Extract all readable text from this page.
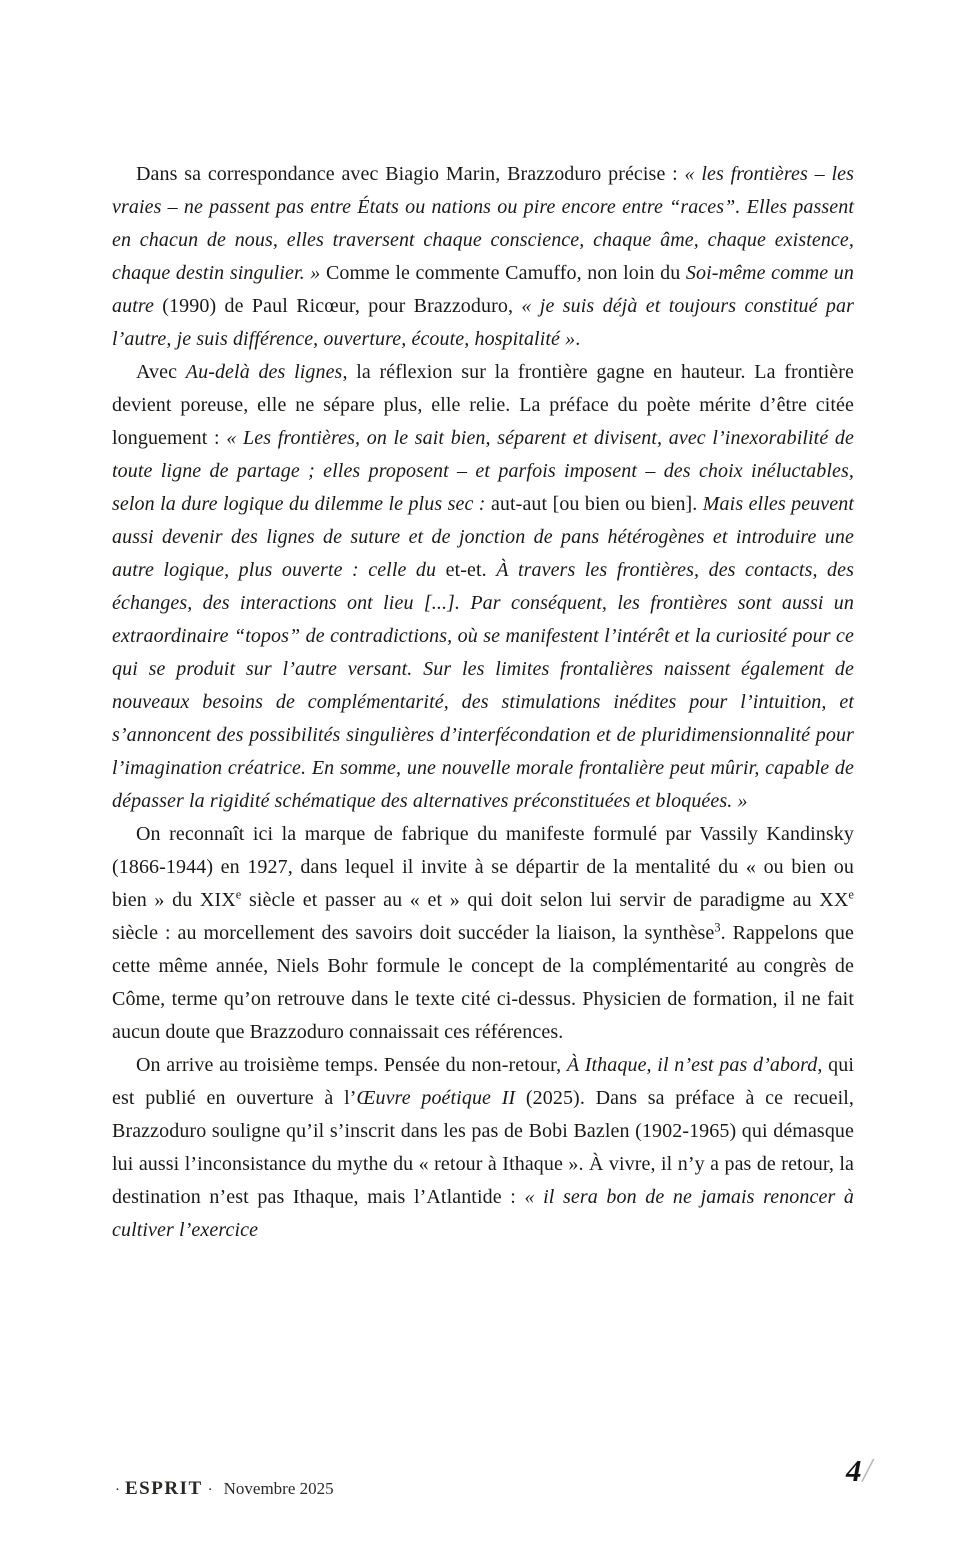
Dans sa correspondance avec Biagio Marin, Brazzoduro précise : « les frontières – les vraies – ne passent pas entre États ou nations ou pire encore entre “races”. Elles passent en chacun de nous, elles traversent chaque conscience, chaque âme, chaque existence, chaque destin singulier. » Comme le commente Camuffo, non loin du Soi-même comme un autre (1990) de Paul Ricœur, pour Brazzoduro, « je suis déjà et toujours constitué par l’autre, je suis différence, ouverture, écoute, hospitalité ».

Avec Au-delà des lignes, la réflexion sur la frontière gagne en hauteur. La frontière devient poreuse, elle ne sépare plus, elle relie. La préface du poète mérite d’être citée longuement : « Les frontières, on le sait bien, séparent et divisent, avec l’inexorabilité de toute ligne de partage ; elles proposent – et parfois imposent – des choix inéluctables, selon la dure logique du dilemme le plus sec : aut-aut [ou bien ou bien]. Mais elles peuvent aussi devenir des lignes de suture et de jonction de pans hétérogènes et introduire une autre logique, plus ouverte : celle du et-et. À travers les frontières, des contacts, des échanges, des interactions ont lieu [...]. Par conséquent, les frontières sont aussi un extraordinaire “topos” de contradictions, où se manifestent l’intérêt et la curiosité pour ce qui se produit sur l’autre versant. Sur les limites frontalières naissent également de nouveaux besoins de complémentarité, des stimulations inédites pour l’intuition, et s’annoncent des possibilités singulières d’interfécondation et de pluridimensionnalité pour l’imagination créatrice. En somme, une nouvelle morale frontalière peut mûrir, capable de dépasser la rigidité schématique des alternatives préconstituées et bloquées. »

On reconnaît ici la marque de fabrique du manifeste formulé par Vassily Kandinsky (1866-1944) en 1927, dans lequel il invite à se départir de la mentalité du « ou bien ou bien » du XIXe siècle et passer au « et » qui doit selon lui servir de paradigme au XXe siècle : au morcellement des savoirs doit succéder la liaison, la synthèse$^3$. Rappelons que cette même année, Niels Bohr formule le concept de la complémentarité au congrès de Côme, terme qu’on retrouve dans le texte cité ci-dessus. Physicien de formation, il ne fait aucun doute que Brazzoduro connaissait ces références.

On arrive au troisième temps. Pensée du non-retour, À Ithaque, il n’est pas d’abord, qui est publié en ouverture à l’Œuvre poétique II (2025). Dans sa préface à ce recueil, Brazzoduro souligne qu’il s’inscrit dans les pas de Bobi Bazlen (1902-1965) qui démasque lui aussi l’inconsistance du mythe du « retour à Ithaque ». À vivre, il n’y a pas de retour, la destination n’est pas Ithaque, mais l’Atlantide : « il sera bon de ne jamais renoncer à cultiver l’exercice

· ESPRIT · Novembre 2025
4/
